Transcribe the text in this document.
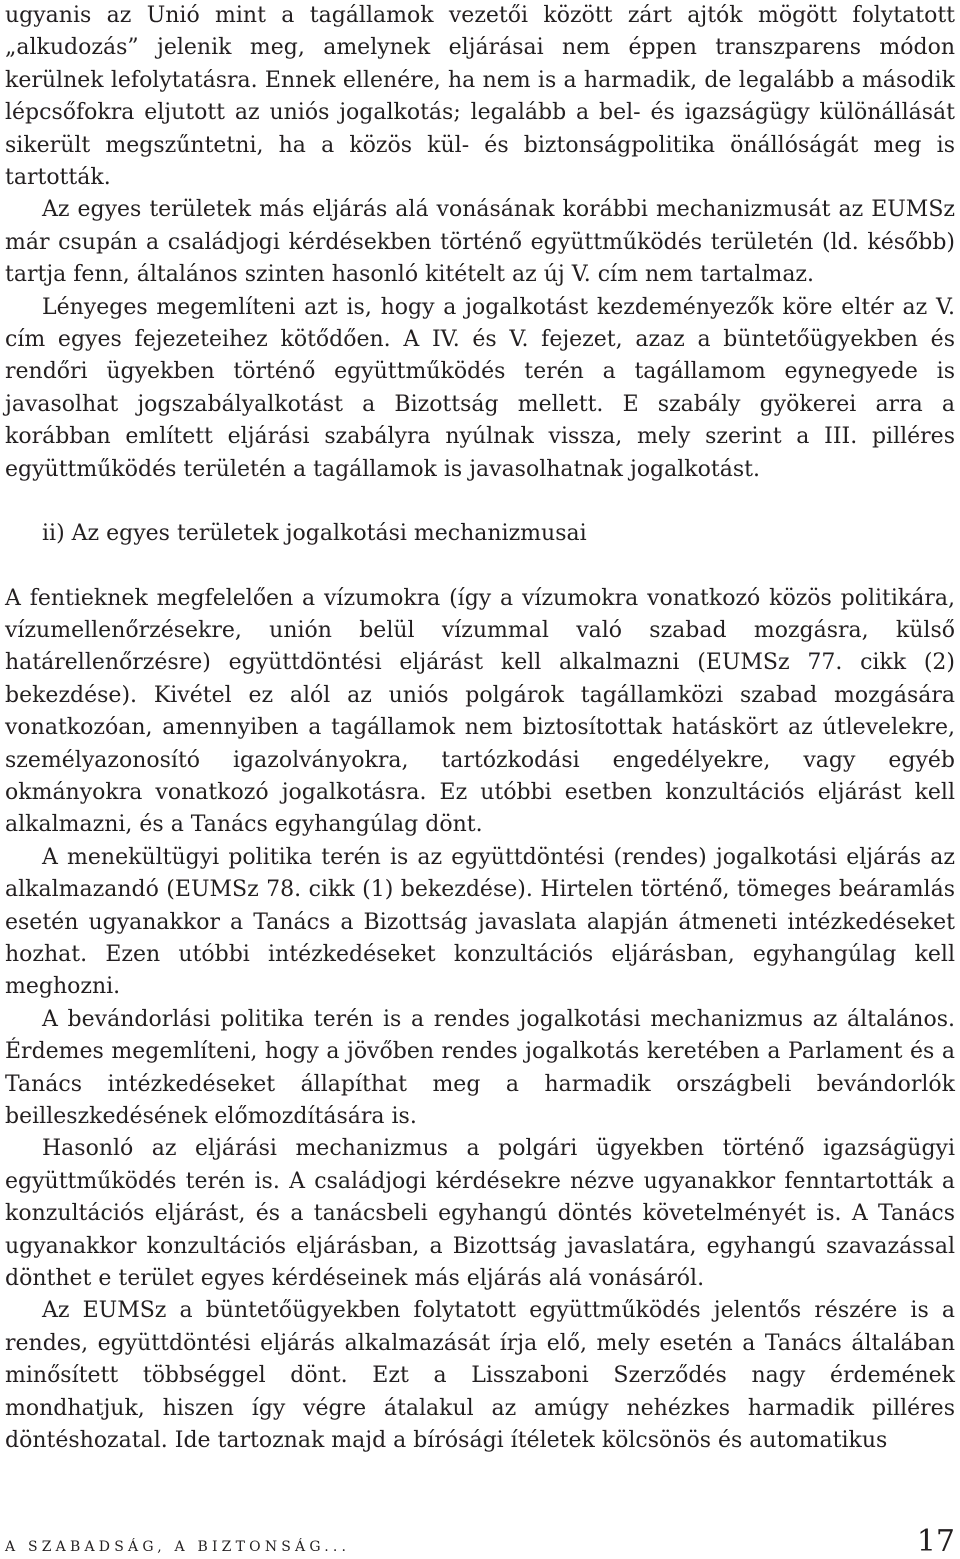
ugyanis az Unió mint a tagállamok vezetői között zárt ajtók mögött folytatott „alkudozás” jelenik meg, amelynek eljárásai nem éppen transzparens módon kerülnek lefolytatásra. Ennek ellenére, ha nem is a harmadik, de legalább a második lépcsőfokra eljutott az uniós jogalkotás; legalább a bel- és igazságügy különállását sikerült megszűntetni, ha a közös kül- és biztonságpolitika önállóságát meg is tartották.

Az egyes területek más eljárás alá vonásának korábbi mechanizmusát az EUMSz már csupán a családjogi kérdésekben történő együttműködés területén (ld. később) tartja fenn, általános szinten hasonló kitételt az új V. cím nem tartalmaz.

Lényeges megemlíteni azt is, hogy a jogalkotást kezdeményezők köre eltér az V. cím egyes fejezeteihez kötődően. A IV. és V. fejezet, azaz a büntetőügyekben és rendőri ügyekben történő együttműködés terén a tagállamom egynegyede is javasolhat jogszabályalkotást a Bizottság mellett. E szabály gyökerei arra a korábban említett eljárási szabályra nyúlnak vissza, mely szerint a III. pilléres együttműködés területén a tagállamok is javasolhatnak jogalkotást.

ii) Az egyes területek jogalkotási mechanizmusai

A fentieknek megfelelően a vízumokra (így a vízumokra vonatkozó közös politikára, vízumellenőrzésekre, unión belül vízummal való szabad mozgásra, külső határellenőrzésre) együttdöntési eljárást kell alkalmazni (EUMSz 77. cikk (2) bekezdése). Kivétel ez alól az uniós polgárok tagállamközi szabad mozgására vonatkozóan, amennyiben a tagállamok nem biztosítottak hatáskört az útlevelekre, személyazonosító igazolványokra, tartózkodási engedélyekre, vagy egyéb okmányokra vonatkozó jogalkotásra. Ez utóbbi esetben konzultációs eljárást kell alkalmazni, és a Tanács egyhangúlag dönt.

A menekültügyi politika terén is az együttdöntési (rendes) jogalkotási eljárás az alkalmazandó (EUMSz 78. cikk (1) bekezdése). Hirtelen történő, tömeges beáramlás esetén ugyanakkor a Tanács a Bizottság javaslata alapján átmeneti intézkedéseket hozhat. Ezen utóbbi intézkedéseket konzultációs eljárásban, egyhangúlag kell meghozni.

A bevándorlási politika terén is a rendes jogalkotási mechanizmus az általános. Érdemes megemlíteni, hogy a jövőben rendes jogalkotás keretében a Parlament és a Tanács intézkedéseket állapíthat meg a harmadik országbeli bevándorlók beilleszkedésének előmozdítására is.

Hasonló az eljárási mechanizmus a polgári ügyekben történő igazságügyi együttműködés terén is. A családjogi kérdésekre nézve ugyanakkor fenntartották a konzultációs eljárást, és a tanácsbeli egyhangú döntés követelményét is. A Tanács ugyanakkor konzultációs eljárásban, a Bizottság javaslatára, egyhangú szavazással dönthet e terület egyes kérdéseinek más eljárás alá vonásáról.

Az EUMSz a büntetőügyekben folytatott együttműködés jelentős részére is a rendes, együttdöntési eljárás alkalmazását írja elő, mely esetén a Tanács általában minősített többséggel dönt. Ezt a Lisszaboni Szerződés nagy érdemének mondhatjuk, hiszen így végre átalakul az amúgy nehézkes harmadik pilléres döntéshozatal. Ide tartoznak majd a bírósági ítéletek kölcsönös és automatikus

A SZABADSÁG, A BIZTONSÁG...	17
